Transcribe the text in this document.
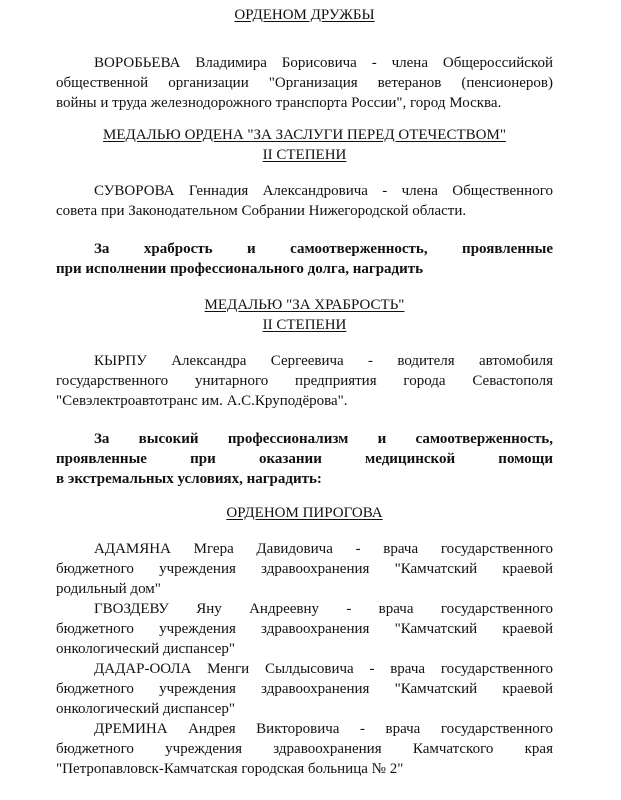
ОРДЕНОМ ДРУЖБЫ
ВОРОБЬЕВА Владимира Борисовича - члена Общероссийской
общественной организации "Организация ветеранов (пенсионеров)
войны и труда железнодорожного транспорта России", город Москва.
МЕДАЛЬЮ ОРДЕНА "ЗА ЗАСЛУГИ ПЕРЕД ОТЕЧЕСТВОМ"
II СТЕПЕНИ
СУВОРОВА Геннадия Александровича - члена Общественного
совета при Законодательном Собрании Нижегородской области.
За храбрость и самоотверженность, проявленные
при исполнении профессионального долга, наградить
МЕДАЛЬЮ "ЗА ХРАБРОСТЬ"
II СТЕПЕНИ
КЫРПУ Александра Сергеевича - водителя автомобиля
государственного унитарного предприятия города Севастополя
"Севэлектроавтотранс им. А.С.Круподёрова".
За высокий профессионализм и самоотверженность,
проявленные при оказании медицинской помощи
в экстремальных условиях, наградить:
ОРДЕНОМ ПИРОГОВА
АДАМЯНА Мгера Давидовича - врача государственного
бюджетного учреждения здравоохранения "Камчатский краевой
родильный дом"
ГВОЗДЕВУ Яну Андреевну - врача государственного
бюджетного учреждения здравоохранения "Камчатский краевой
онкологический диспансер"
ДАДАР-ООЛА Менги Сылдысовича - врача государственного
бюджетного учреждения здравоохранения "Камчатский краевой
онкологический диспансер"
ДРЕМИНА Андрея Викторовича - врача государственного
бюджетного учреждения здравоохранения Камчатского края
"Петропавловск-Камчатская городская больница № 2"
